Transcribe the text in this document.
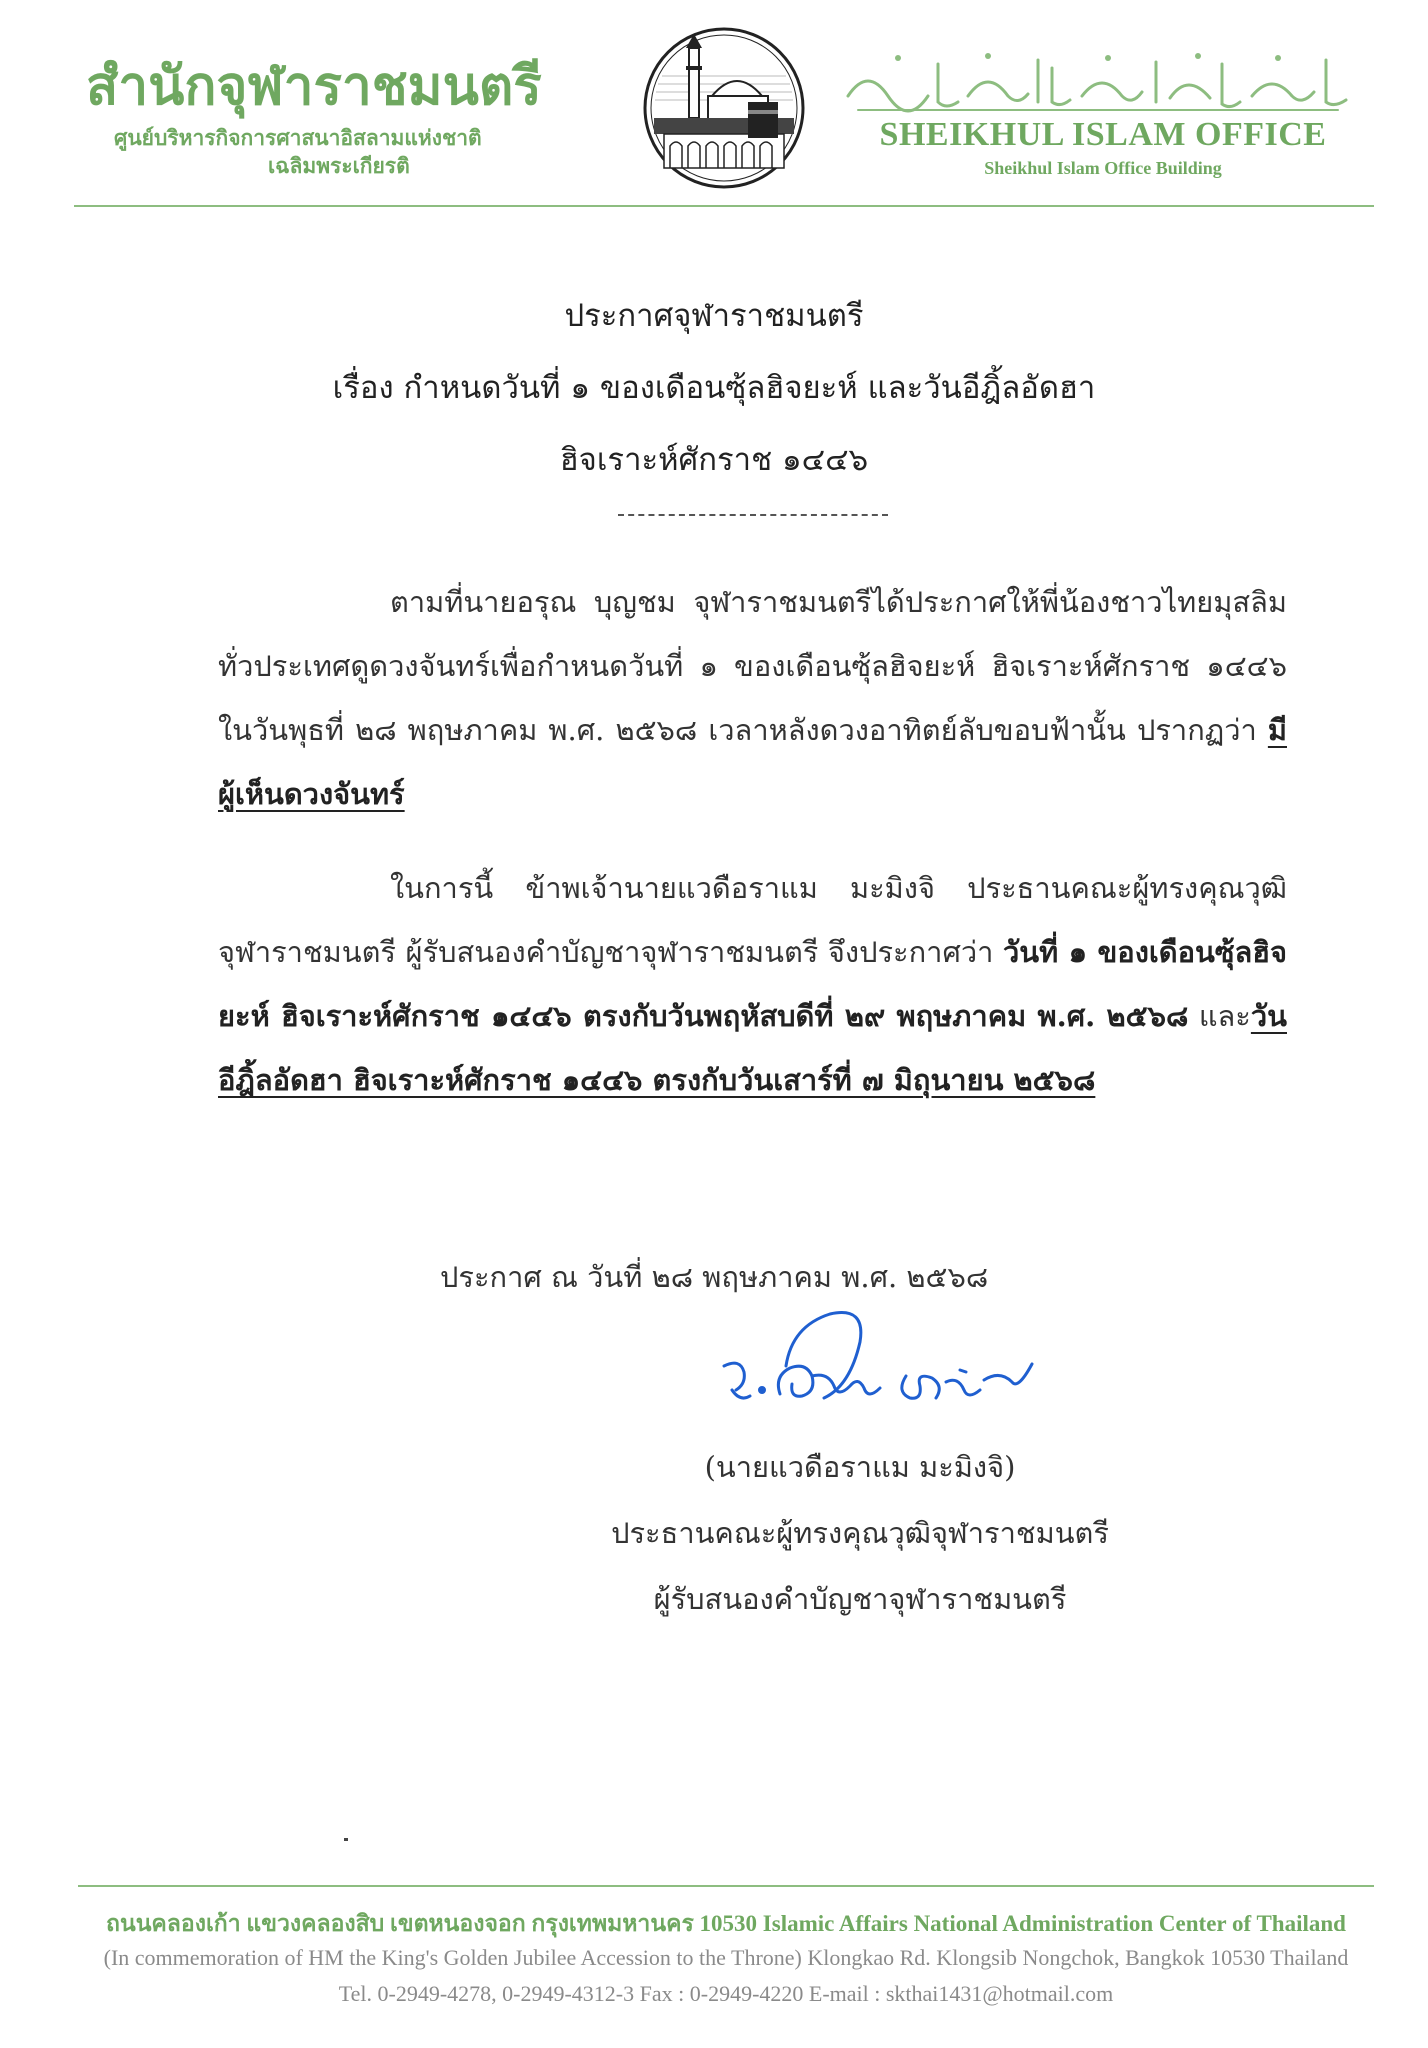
สำนักจุฬาราชมนตรี
ศูนย์บริหารกิจการศาสนาอิสลามแห่งชาติ
เฉลิมพระเกียรติ
SHEIKHUL ISLAM OFFICE
Sheikhul Islam Office Building
ประกาศจุฬาราชมนตรี
เรื่อง กำหนดวันที่ ๑ ของเดือนซุ้ลฮิจยะห์ และวันอีฎิ้ลอัดฮา
ฮิจเราะห์ศักราช ๑๔๔๖
ตามที่นายอรุณ บุญชม จุฬาราชมนตรีได้ประกาศให้พี่น้องชาวไทยมุสลิมทั่วประเทศดูดวงจันทร์เพื่อกำหนดวันที่ ๑ ของเดือนซุ้ลฮิจยะห์ ฮิจเราะห์ศักราช ๑๔๔๖ ในวันพุธที่ ๒๘ พฤษภาคม พ.ศ. ๒๕๖๘ เวลาหลังดวงอาทิตย์ลับขอบฟ้านั้น ปรากฏว่า มีผู้เห็นดวงจันทร์
ในการนี้ ข้าพเจ้านายแวดือราแม มะมิงจิ ประธานคณะผู้ทรงคุณวุฒิจุฬาราชมนตรี ผู้รับสนองคำบัญชาจุฬาราชมนตรี จึงประกาศว่า วันที่ ๑ ของเดือนซุ้ลฮิจยะห์ ฮิจเราะห์ศักราช ๑๔๔๖ ตรงกับวันพฤหัสบดีที่ ๒๙ พฤษภาคม พ.ศ. ๒๕๖๘ และวันอีฎิ้ลอัดฮา ฮิจเราะห์ศักราช ๑๔๔๖ ตรงกับวันเสาร์ที่ ๗ มิถุนายน ๒๕๖๘
ประกาศ ณ วันที่ ๒๘ พฤษภาคม พ.ศ. ๒๕๖๘
(นายแวดือราแม มะมิงจิ)
ประธานคณะผู้ทรงคุณวุฒิจุฬาราชมนตรี
ผู้รับสนองคำบัญชาจุฬาราชมนตรี
ถนนคลองเก้า แขวงคลองสิบ เขตหนองจอก กรุงเทพมหานคร 10530 Islamic Affairs National Administration Center of Thailand
(In commemoration of HM the King's Golden Jubilee Accession to the Throne) Klongkao Rd. Klongsib Nongchok, Bangkok 10530 Thailand
Tel. 0-2949-4278, 0-2949-4312-3 Fax : 0-2949-4220 E-mail : skthai1431@hotmail.com
